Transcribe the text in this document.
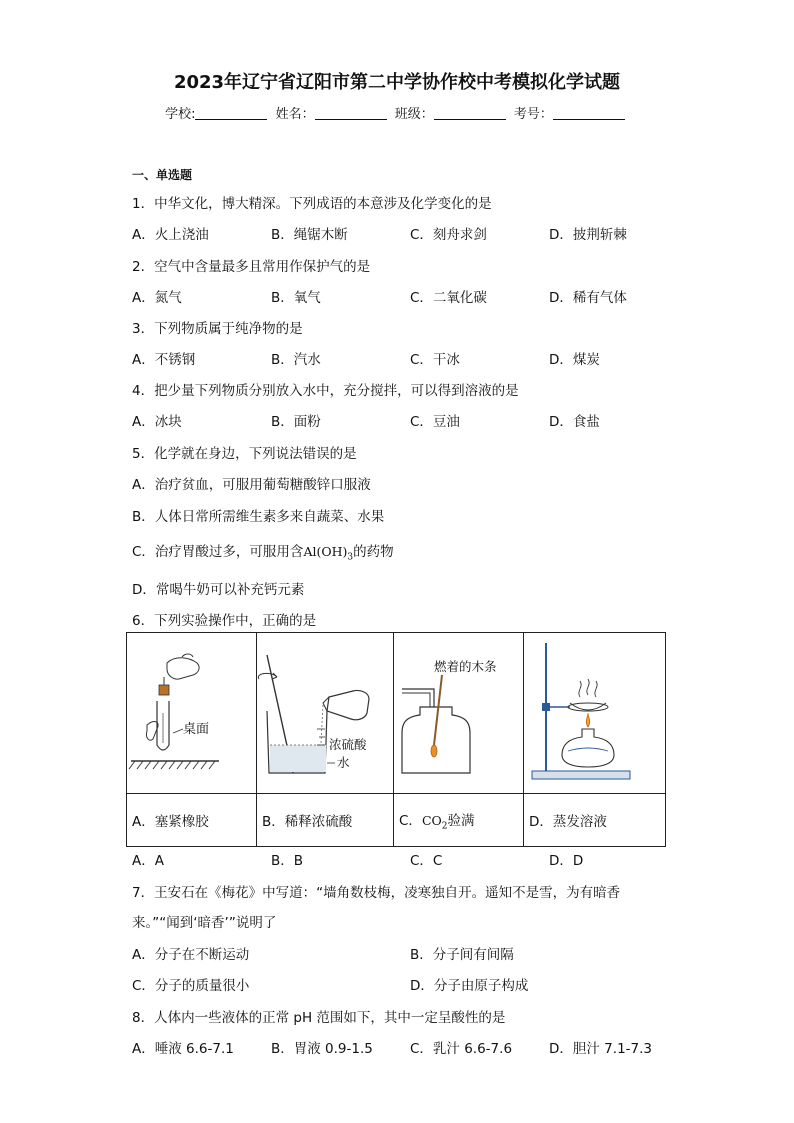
2023年辽宁省辽阳市第二中学协作校中考模拟化学试题
学校:	姓名：	班级：	考号：
一、单选题
1．中华文化，博大精深。下列成语的本意涉及化学变化的是
A．火上浇油	B．绳锯木断	C．刻舟求剑	D．披荆斩棘
2．空气中含量最多且常用作保护气的是
A．氮气	B．氧气	C．二氧化碳	D．稀有气体
3．下列物质属于纯净物的是
A．不锈钢	B．汽水	C．干冰	D．煤炭
4．把少量下列物质分别放入水中，充分搅拌，可以得到溶液的是
A．冰块	B．面粉	C．豆油	D．食盐
5．化学就在身边，下列说法错误的是
A．治疗贫血，可服用葡萄糖酸锌口服液
B．人体日常所需维生素多来自蔬菜、水果
C．治疗胃酸过多，可服用含$Al(OH)_3$的药物
D．常喝牛奶可以补充钙元素
6．下列实验操作中，正确的是
桌面	浓硫酸
水	燃着的木条

A．塞紧橡胶	B．稀释浓硫酸	C．$CO_2$验满	D．蒸发溶液
A．A	B．B	C．C	D．D
7．王安石在《梅花》中写道：“墙角数枝梅，凌寒独自开。遥知不是雪，为有暗香
来。”“闻到‘暗香’”说明了
A．分子在不断运动	B．分子间有间隔
C．分子的质量很小	D．分子由原子构成
8．人体内一些液体的正常 pH 范围如下，其中一定呈酸性的是
A．唾液 6.6-7.1	B．胃液 0.9-1.5	C．乳汁 6.6-7.6	D．胆汁 7.1-7.3
